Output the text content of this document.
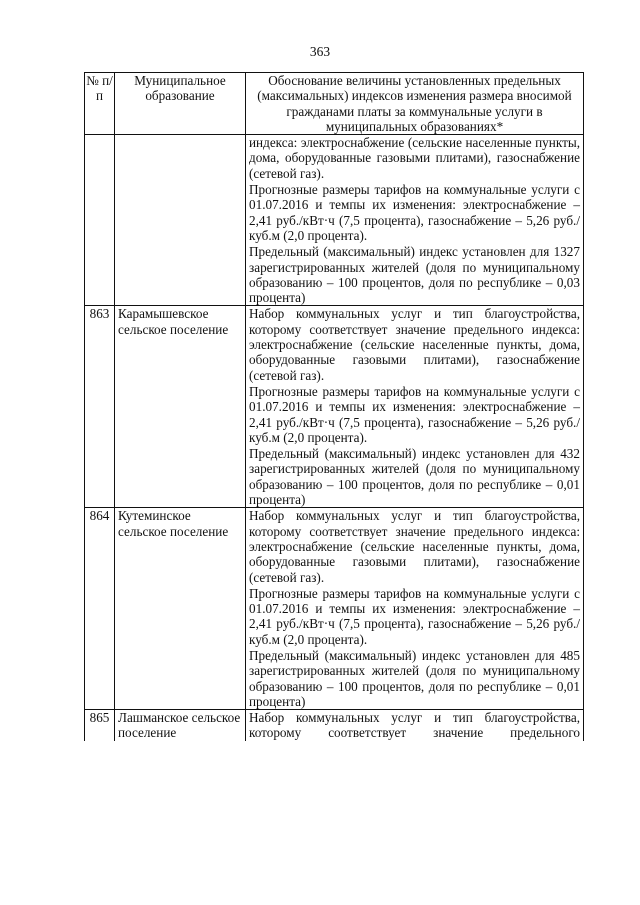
363
№ п/п	Муниципальное образование	Обоснование величины установленных предельных (максимальных) индексов изменения размера вносимой гражданами платы за коммунальные услуги в муниципальных образованиях*

		индекса: электроснабжение (сельские населенные пункты, дома, оборудованные газовыми плитами), газоснабжение (сетевой газ).

Прогнозные размеры тарифов на коммунальные услуги с 01.07.2016 и темпы их изменения: электроснабжение – 2,41 руб./кВт·ч (7,5 процента), газоснабжение – 5,26 руб./куб.м (2,0 процента).

Предельный (максимальный) индекс установлен для 1327 зарегистрированных жителей (доля по муниципальному образованию – 100 процентов, доля по республике – 0,03 процента)

863	Карамышевское сельское поселение	Набор коммунальных услуг и тип благоустройства, которому соответствует значение предельного индекса: электроснабжение (сельские населенные пункты, дома, оборудованные газовыми плитами), газоснабжение (сетевой газ).

Прогнозные размеры тарифов на коммунальные услуги с 01.07.2016 и темпы их изменения: электроснабжение – 2,41 руб./кВт·ч (7,5 процента), газоснабжение – 5,26 руб./куб.м (2,0 процента).

Предельный (максимальный) индекс установлен для 432 зарегистрированных жителей (доля по муниципальному образованию – 100 процентов, доля по республике – 0,01 процента)

864	Кутеминское сельское поселение	Набор коммунальных услуг и тип благоустройства, которому соответствует значение предельного индекса: электроснабжение (сельские населенные пункты, дома, оборудованные газовыми плитами), газоснабжение (сетевой газ).

Прогнозные размеры тарифов на коммунальные услуги с 01.07.2016 и темпы их изменения: электроснабжение – 2,41 руб./кВт·ч (7,5 процента), газоснабжение – 5,26 руб./куб.м (2,0 процента).

Предельный (максимальный) индекс установлен для 485 зарегистрированных жителей (доля по муниципальному образованию – 100 процентов, доля по республике – 0,01 процента)

865	Лашманское сельское поселение	Набор коммунальных услуг и тип благоустройства, которому соответствует значение предельного
